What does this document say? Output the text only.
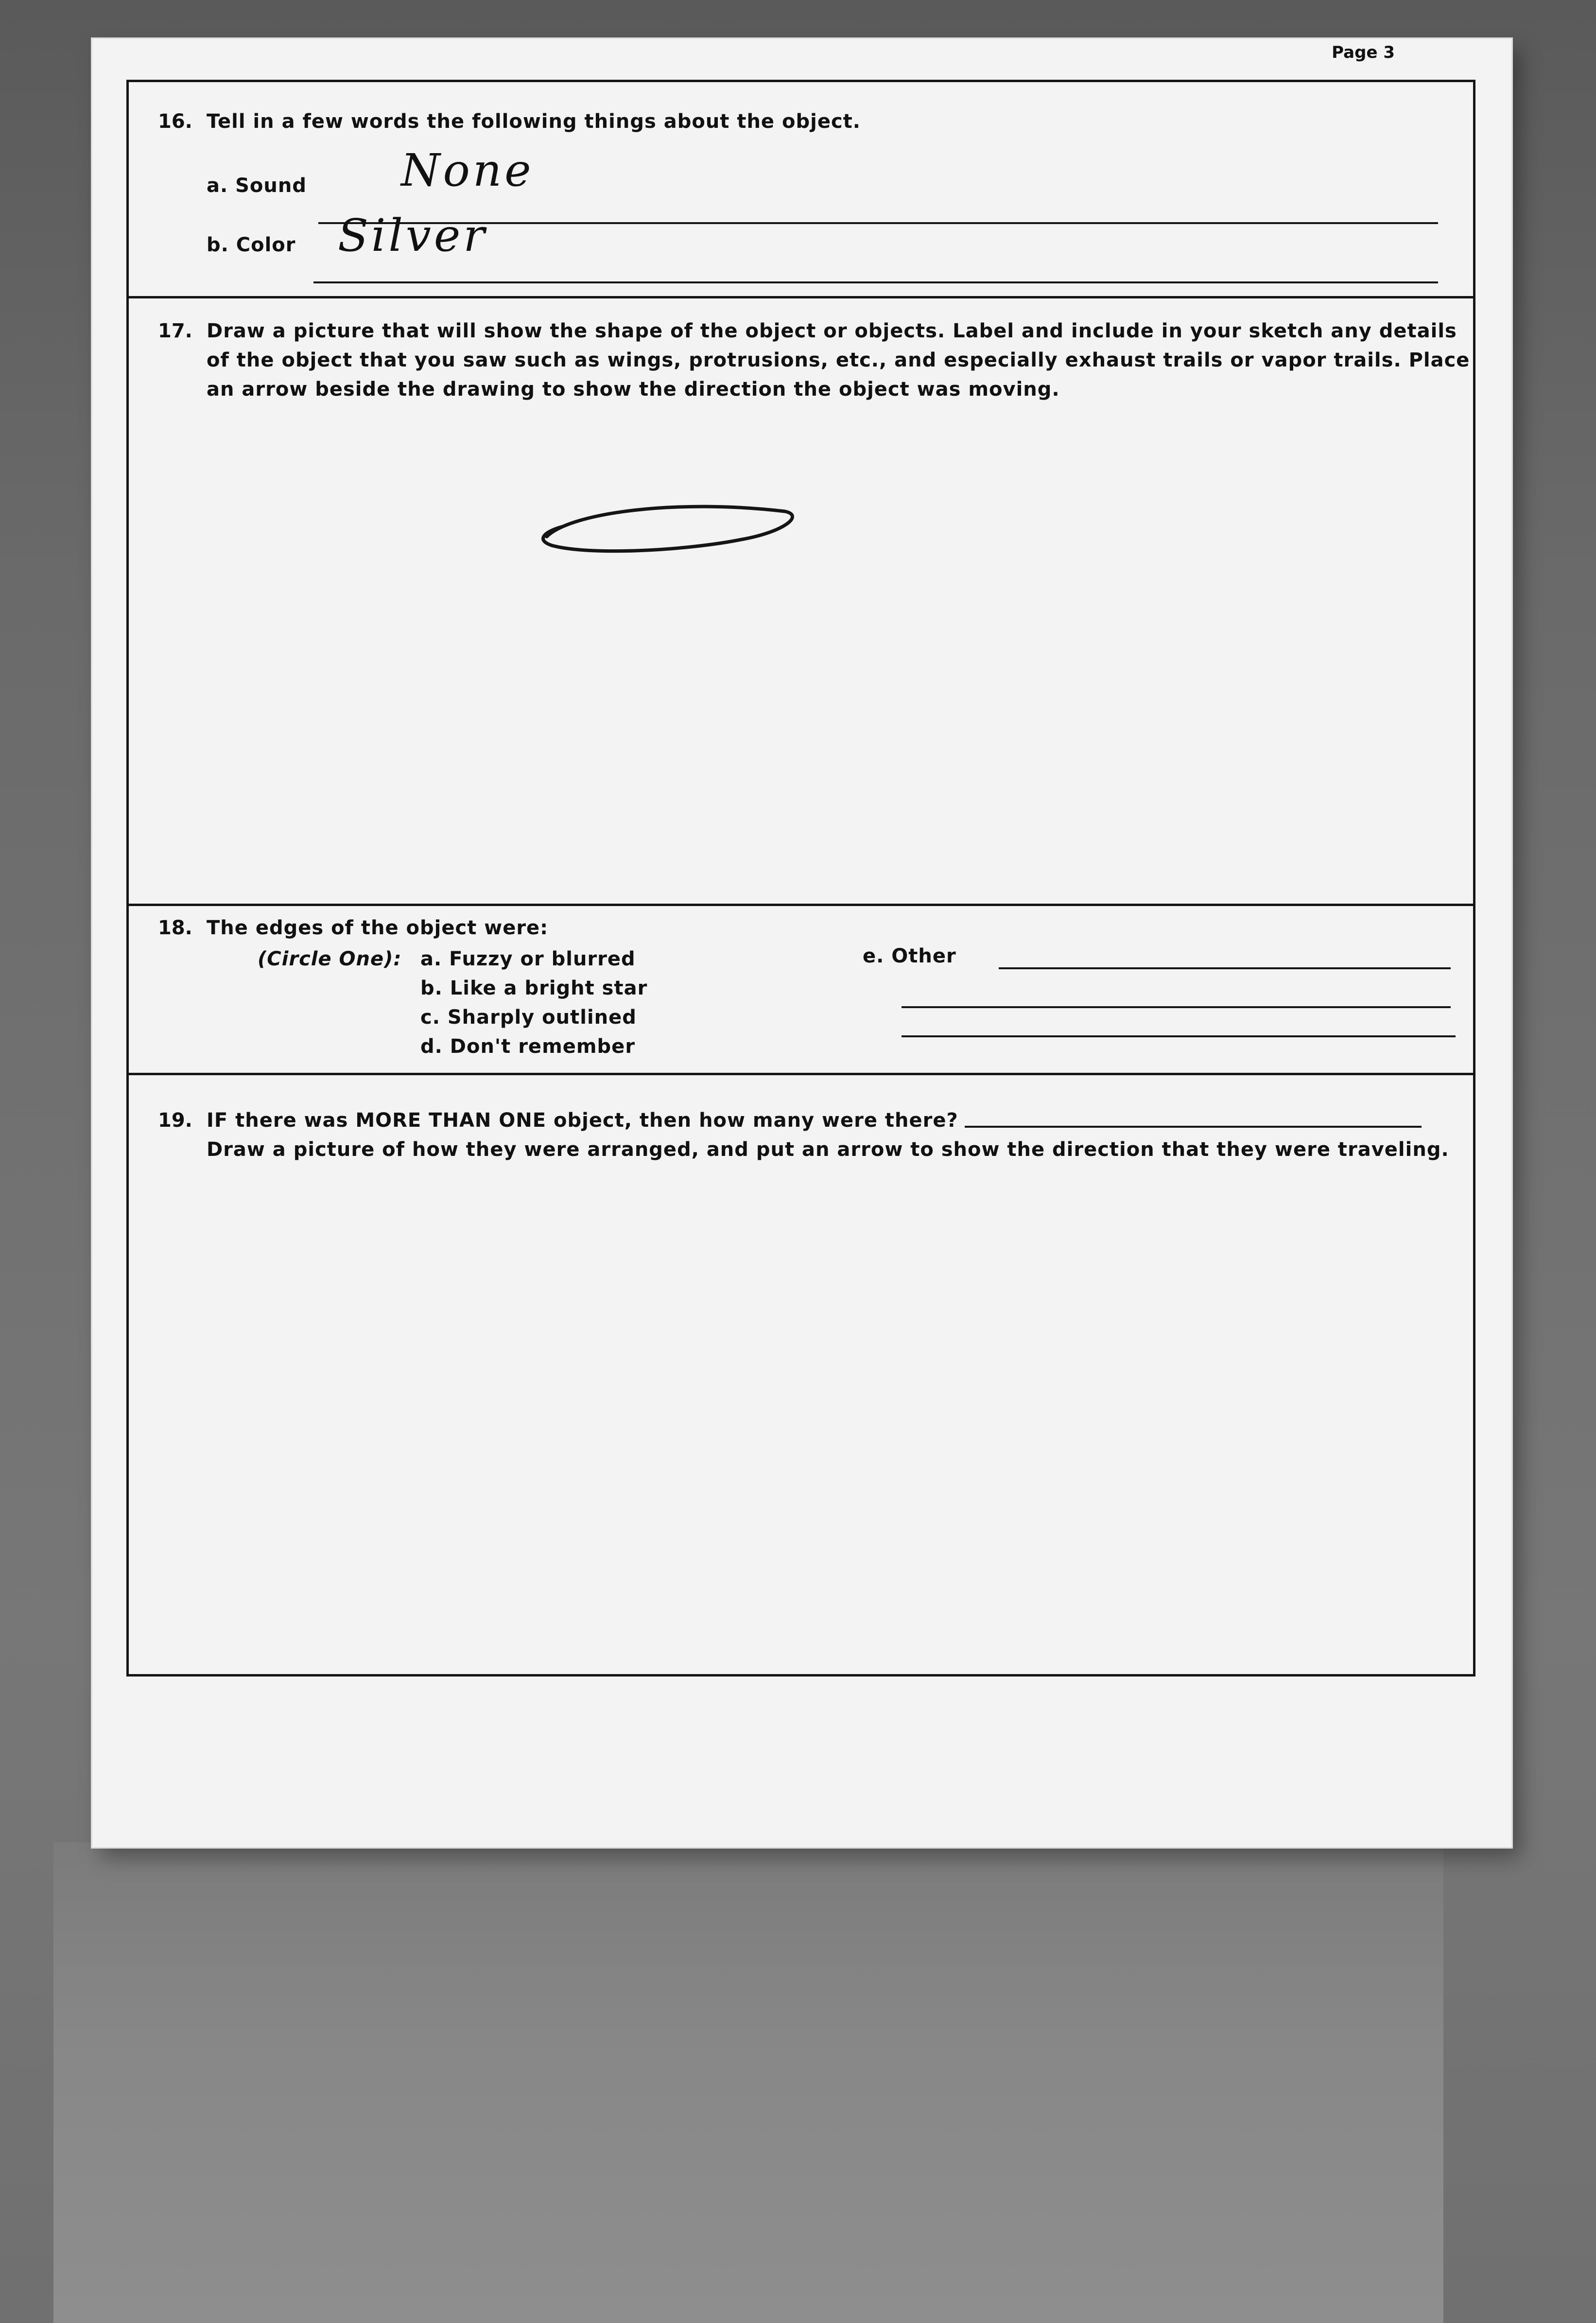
Page 3
16. Tell in a few words the following things about the object.
a. Sound None
b. Color Silver
17. Draw a picture that will show the shape of the object or objects. Label and include in your sketch any details
of the object that you saw such as wings, protrusions, etc., and especially exhaust trails or vapor trails. Place
an arrow beside the drawing to show the direction the object was moving.
18. The edges of the object were:
(Circle One): a. Fuzzy or blurred
b. Like a bright star
c. Sharply outlined
d. Don't remember
e. Other
19. IF there was MORE THAN ONE object, then how many were there?
Draw a picture of how they were arranged, and put an arrow to show the direction that they were traveling.
